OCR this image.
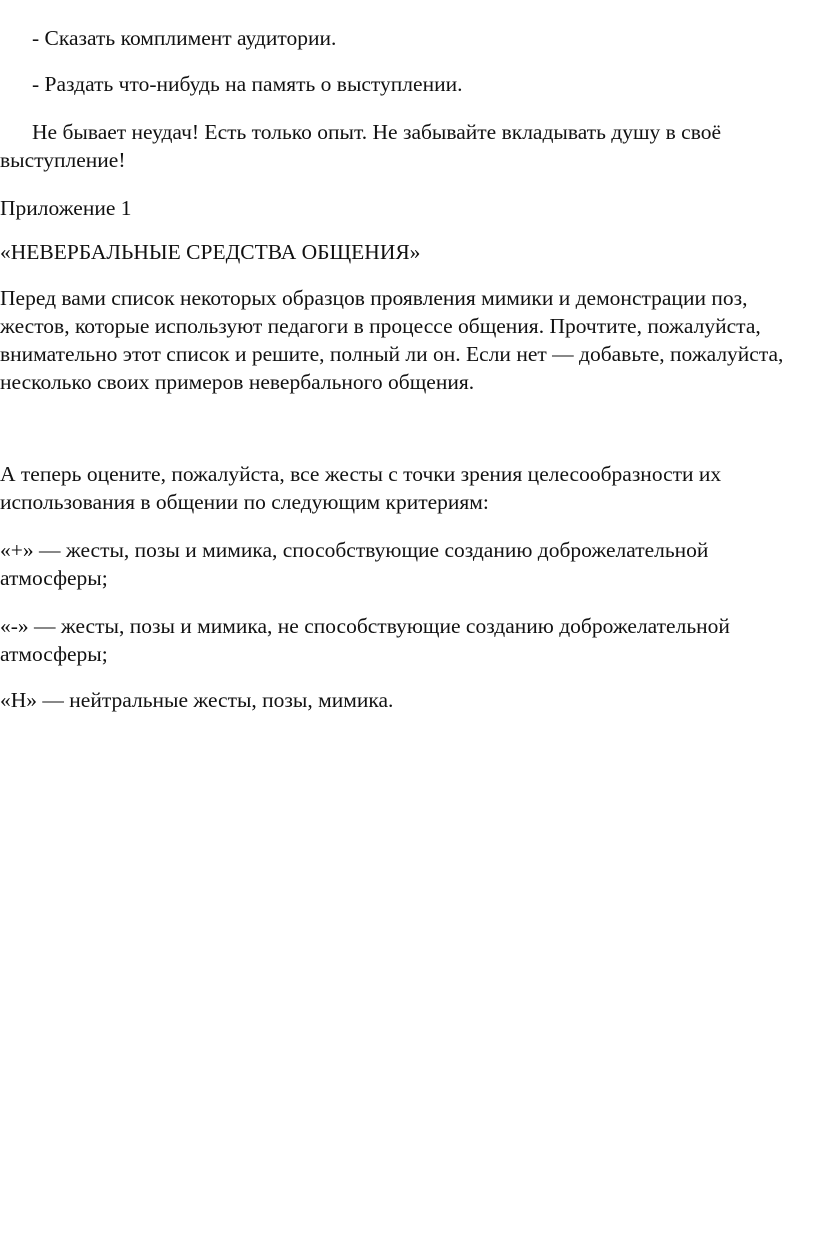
- Сказать комплимент аудитории.

- Раздать что-нибудь на память о выступлении.

Не бывает неудач! Есть только опыт. Не забывайте вкладывать душу в своё выступление!

Приложение 1

«НЕВЕРБАЛЬНЫЕ СРЕДСТВА ОБЩЕНИЯ»

Перед вами список некоторых образцов проявления мимики и демонстрации поз, жестов, которые используют педагоги в процессе общения. Прочтите, пожалуйста, внимательно этот список и решите, полный ли он. Если нет — добавьте, пожалуйста, несколько своих примеров невербального общения.

А теперь оцените, пожалуйста, все жесты с точки зрения целесообразности их использования в общении по следующим критериям:

«+» — жесты, позы и мимика, способствующие созданию доброжелательной атмосферы;

«-» — жесты, позы и мимика, не способствующие созданию доброжелательной атмосферы;

«Н» — нейтральные жесты, позы, мимика.
